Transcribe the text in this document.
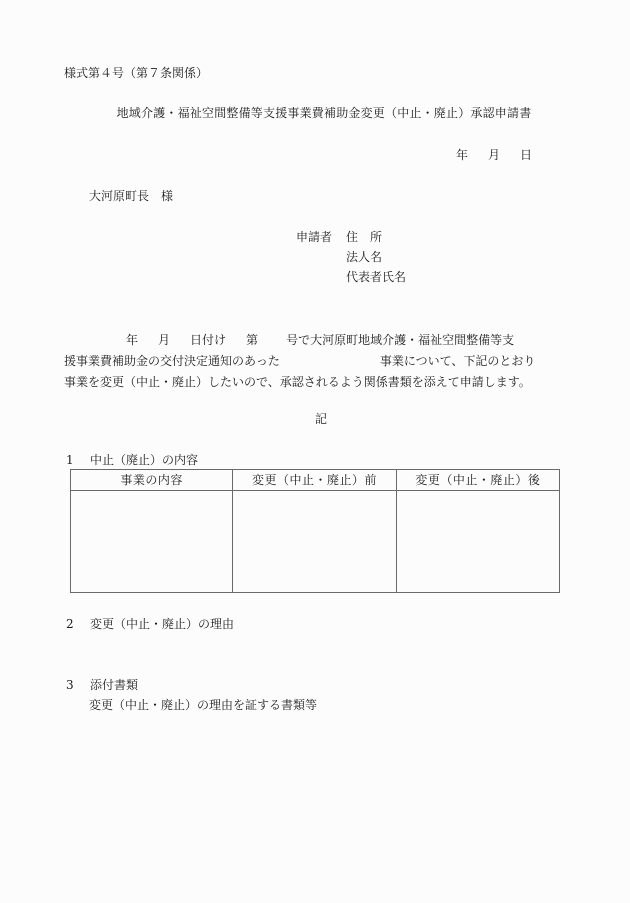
様式第４号（第７条関係）
地域介護・福祉空間整備等支援事業費補助金変更（中止・廃止）承認申請書
年 月 日
大河原町長　様
申請者 住　所
法人名
代表者氏名
年 月 日付け 第 号で大河原町地域介護・福祉空間整備等支
援事業費補助金の交付決定通知のあった	事業について、下記のとおり
事業を変更（中止・廃止）したいので、承認されるよう関係書類を添えて申請します。
記
1 中止（廃止）の内容
事業の内容	変更（中止・廃止）前	変更（中止・廃止）後

2 変更（中止・廃止）の理由
3 添付書類
変更（中止・廃止）の理由を証する書類等
